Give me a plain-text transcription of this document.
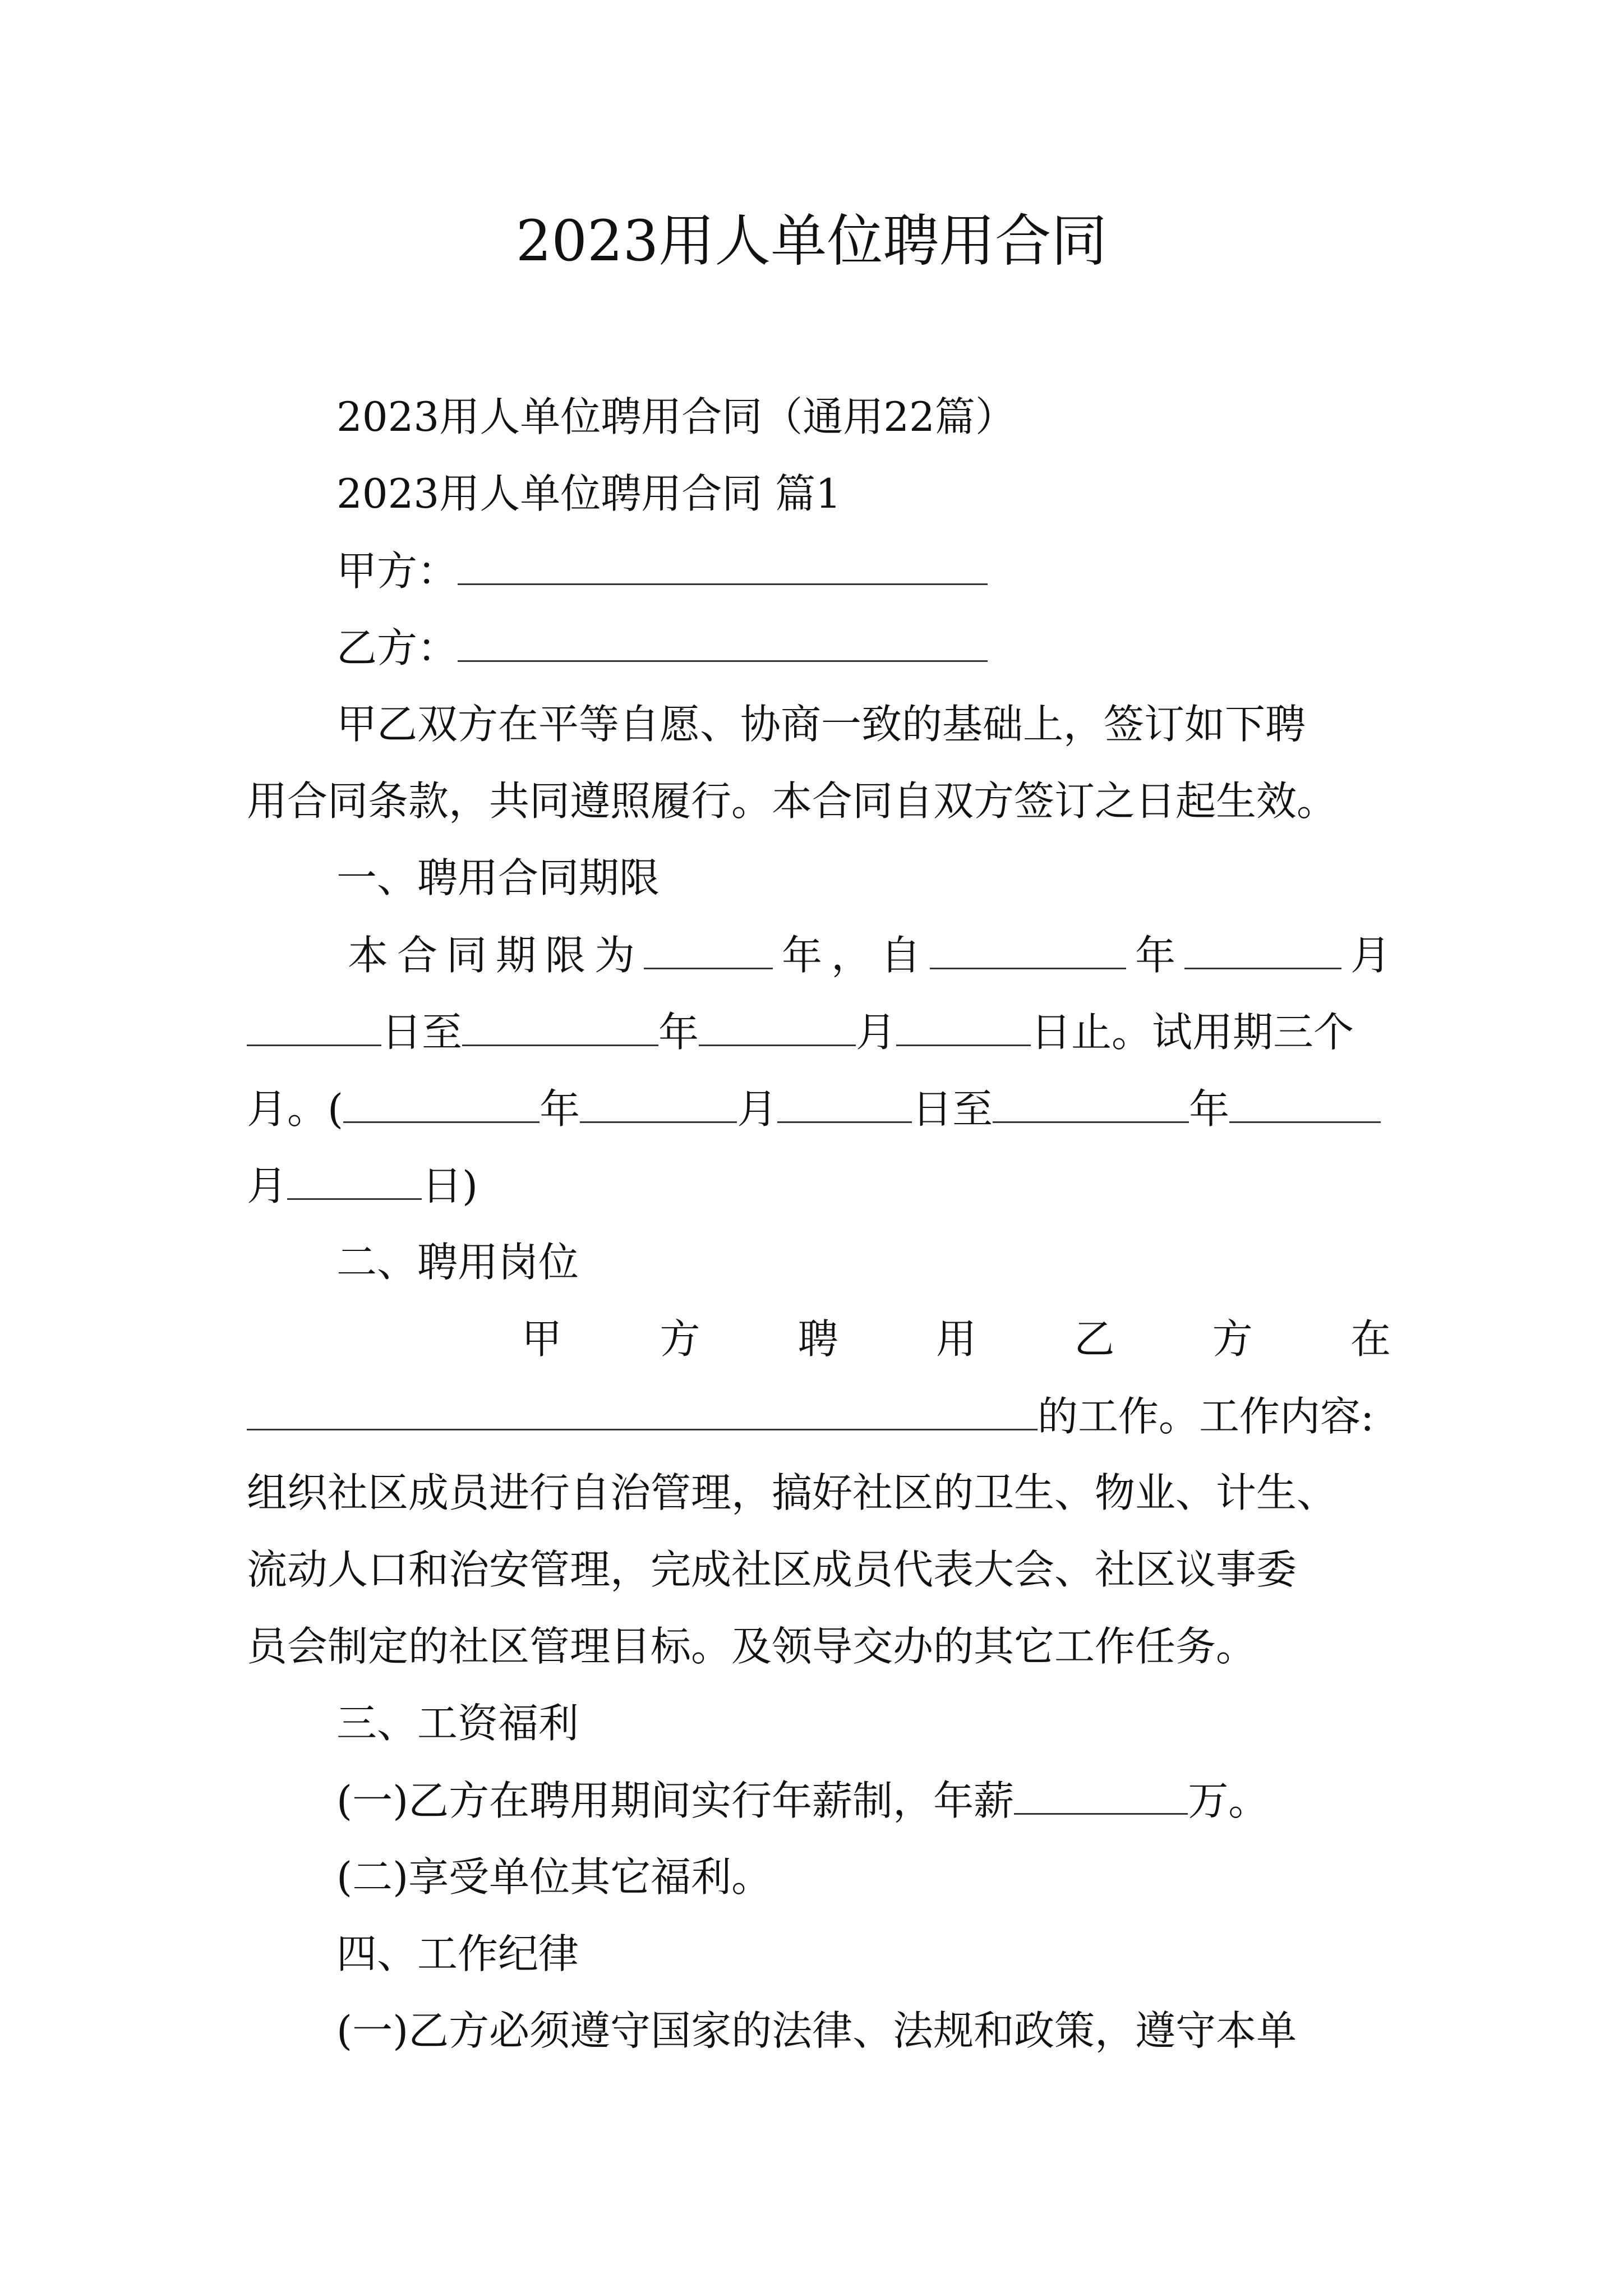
2023用人单位聘用合同
2023用人单位聘用合同（通用22篇）
2023用人单位聘用合同 篇1
甲方：
乙方：
甲乙双方在平等自愿、协商一致的基础上，签订如下聘
用合同条款，共同遵照履行。本合同自双方签订之日起生效。
一、聘用合同期限
本合同期限为	年，自	年	月
日至	年	月	日止。试用期三个
月。(	年	月	日至	年
月	日)
二、聘用岗位
甲 方 聘 用 乙 方 在
的工作。工作内容:
组织社区成员进行自治管理，搞好社区的卫生、物业、计生、
流动人口和治安管理，完成社区成员代表大会、社区议事委
员会制定的社区管理目标。及领导交办的其它工作任务。
三、工资福利
(一)乙方在聘用期间实行年薪制，年薪	万。
(二)享受单位其它福利。
四、工作纪律
(一)乙方必须遵守国家的法律、法规和政策，遵守本单
